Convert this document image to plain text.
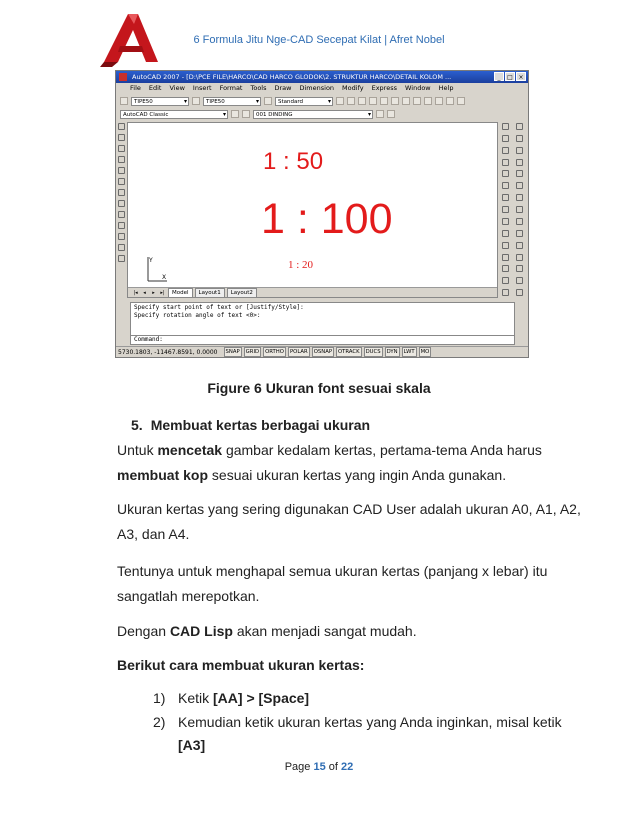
6 Formula Jitu Nge-CAD Secepat Kilat | Afret Nobel
AutoCAD 2007 - [D:\PCE FILE\HARCO\CAD HARCO GLODOK\2. STRUKTUR HARCO\DETAIL KOLOM ...	_	□ ×
File Edit View Insert Format Tools Draw Dimension Modify Express Window Help
TIPE50 ▾	TIPE50 ▾	Standard ▾
AutoCAD Classic ▾	001 DINDING ▾
1 : 50
1 : 100
1 : 20
Y
X
|◂	◂	▸	▸|	Model	Layout1	Layout2
Specify start point of text or [Justify/Style]:
Specify rotation angle of text <0>:
Command:
5730.1803, -11467.8591, 0.0000	SNAP	GRID	ORTHO	POLAR	OSNAP	OTRACK	DUCS	DYN	LWT	MO
Figure 6 Ukuran font sesuai skala
5. Membuat kertas berbagai ukuran
Untuk mencetak gambar kedalam kertas, pertama-tema Anda harus
membuat kop sesuai ukuran kertas yang ingin Anda gunakan.
Ukuran kertas yang sering digunakan CAD User adalah ukuran A0, A1, A2,
A3, dan A4.
Tentunya untuk menghapal semua ukuran kertas (panjang x lebar) itu
sangatlah merepotkan.
Dengan CAD Lisp akan menjadi sangat mudah.
Berikut cara membuat ukuran kertas:
1) Ketik [AA] > [Space]
2) Kemudian ketik ukuran kertas yang Anda inginkan, misal ketik
[A3]
Page 15 of 22
